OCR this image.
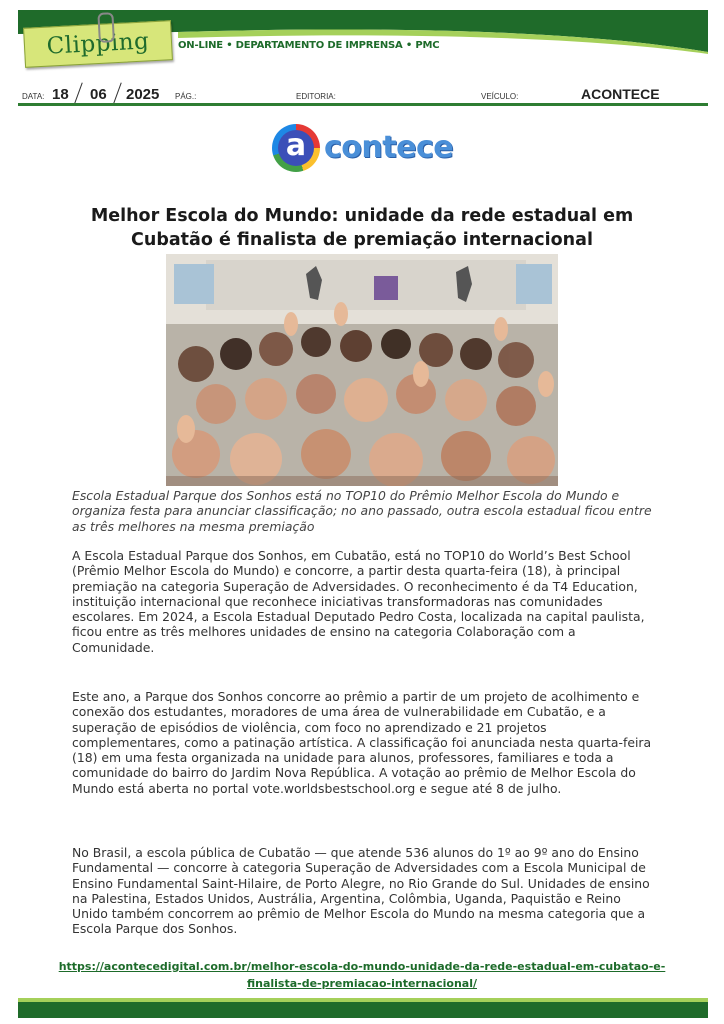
Clipping	ON-LINE • DEPARTAMENTO DE IMPRENSA • PMC
DATA: 18 06 2025 PÁG.:	EDITORIA:	VEÍCULO:	ACONTECE
a contece
Melhor Escola do Mundo: unidade da rede estadual em
Cubatão é finalista de premiação internacional
Escola Estadual Parque dos Sonhos está no TOP10 do Prêmio Melhor Escola do Mundo e organiza festa para anunciar classificação; no ano passado, outra escola estadual ficou entre as três melhores na mesma premiação
A Escola Estadual Parque dos Sonhos, em Cubatão, está no TOP10 do World’s Best School (Prêmio Melhor Escola do Mundo) e concorre, a partir desta quarta-feira (18), à principal premiação na categoria Superação de Adversidades. O reconhecimento é da T4 Education, instituição internacional que reconhece iniciativas transformadoras nas comunidades escolares. Em 2024, a Escola Estadual Deputado Pedro Costa, localizada na capital paulista, ficou entre as três melhores unidades de ensino na categoria Colaboração com a Comunidade.
Este ano, a Parque dos Sonhos concorre ao prêmio a partir de um projeto de acolhimento e conexão dos estudantes, moradores de uma área de vulnerabilidade em Cubatão, e a superação de episódios de violência, com foco no aprendizado e 21 projetos complementares, como a patinação artística. A classificação foi anunciada nesta quarta-feira (18) em uma festa organizada na unidade para alunos, professores, familiares e toda a comunidade do bairro do Jardim Nova República. A votação ao prêmio de Melhor Escola do Mundo está aberta no portal vote.worldsbestschool.org e segue até 8 de julho.
No Brasil, a escola pública de Cubatão — que atende 536 alunos do 1º ao 9º ano do Ensino Fundamental — concorre à categoria Superação de Adversidades com a Escola Municipal de Ensino Fundamental Saint-Hilaire, de Porto Alegre, no Rio Grande do Sul. Unidades de ensino na Palestina, Estados Unidos, Austrália, Argentina, Colômbia, Uganda, Paquistão e Reino Unido também concorrem ao prêmio de Melhor Escola do Mundo na mesma categoria que a Escola Parque dos Sonhos.
https://acontecedigital.com.br/melhor-escola-do-mundo-unidade-da-rede-estadual-em-cubatao-e-
finalista-de-premiacao-internacional/
